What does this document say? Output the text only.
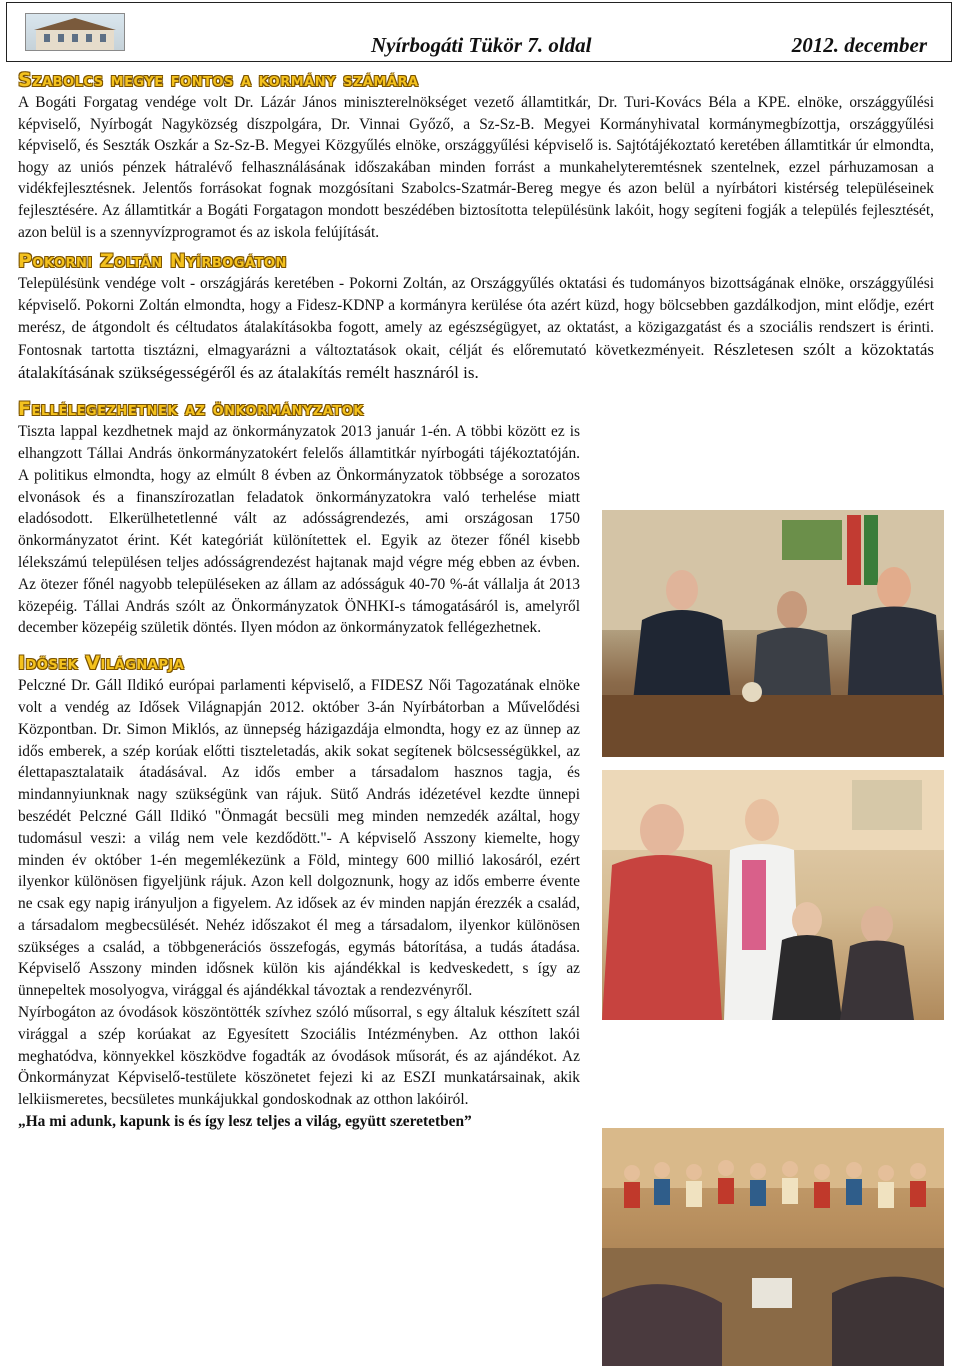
Nyírbogáti Tükör 7. oldal	2012. december
Szabolcs megye fontos a kormány számára

A Bogáti Forgatag vendége volt Dr. Lázár János miniszterelnökséget vezető államtitkár, Dr. Turi-Kovács Béla a KPE. elnöke, országgyűlési képviselő, Nyírbogát Nagyközség díszpolgára, Dr. Vinnai Győző, a Sz-Sz-B. Megyei Kormányhivatal kormánymegbízottja, országgyűlési képviselő, és Seszták Oszkár a Sz-Sz-B. Megyei Közgyűlés elnöke, országgyűlési képviselő is. Sajtótájékoztató keretében államtitkár úr elmondta, hogy az uniós pénzek hátralévő felhasználásának időszakában minden forrást a munkahelyteremtésnek szentelnek, ezzel párhuzamosan a vidékfejlesztésnek. Jelentős forrásokat fognak mozgósítani Szabolcs-Szatmár-Bereg megye és azon belül a nyírbátori kistérség településeinek fejlesztésére. Az államtitkár a Bogáti Forgatagon mondott beszédében biztosította településünk lakóit, hogy segíteni fogják a település fejlesztését, azon belül is a szennyvízprogramot és az iskola felújítását.

Pokorni Zoltán Nyírbogáton

Településünk vendége volt - országjárás keretében - Pokorni Zoltán, az Országgyűlés oktatási és tudományos bizottságának elnöke, országgyűlési képviselő. Pokorni Zoltán elmondta, hogy a Fidesz-KDNP a kormányra kerülése óta azért küzd, hogy bölcsebben gazdálkodjon, mint elődje, ezért merész, de átgondolt és céltudatos átalakításokba fogott, amely az egészségügyet, az oktatást, a közigazgatást és a szociális rendszert is érinti. Fontosnak tartotta tisztázni, elmagyarázni a változtatások okait, célját és előremutató következményeit. Részletesen szólt a közoktatás átalakításának szükségességéről és az átalakítás remélt hasznáról is.

Fellélegezhetnek az önkormányzatok

Tiszta lappal kezdhetnek majd az önkormányzatok 2013 január 1-én. A többi között ez is elhangzott Tállai András önkormányzatokért felelős államtitkár nyírbogáti tájékoztatóján. A politikus elmondta, hogy az elmúlt 8 évben az Önkormányzatok többsége a sorozatos elvonások és a finanszírozatlan feladatok önkormányzatokra való terhelése miatt eladósodott. Elkerülhetetlenné vált az adósságrendezés, ami országosan 1750 önkormányzatot érint. Két kategóriát különítettek el. Egyik az ötezer főnél kisebb lélekszámú településen teljes adósságrendezést hajtanak majd végre még ebben az évben. Az ötezer főnél nagyobb településeken az állam az adósságuk 40-70 %-át vállalja át 2013 közepéig. Tállai András szólt az Önkormányzatok ÖNHKI-s támogatásáról is, amelyről december közepéig születik döntés. Ilyen módon az önkormányzatok fellégezhetnek.

Idősek Világnapja

Pelczné Dr. Gáll Ildikó európai parlamenti képviselő, a FIDESZ Női Tagozatának elnöke volt a vendég az Idősek Világnapján 2012. október 3-án Nyírbátorban a Művelődési Központban. Dr. Simon Miklós, az ünnepség házigazdája elmondta, hogy ez az ünnep az idős emberek, a szép korúak előtti tiszteletadás, akik sokat segítenek bölcsességükkel, az élettapasztalataik átadásával. Az idős ember a társadalom hasznos tagja, és mindannyiunknak nagy szükségünk van rájuk. Sütő András idézetével kezdte ünnepi beszédét Pelczné Gáll Ildikó "Önmagát becsüli meg minden nemzedék azáltal, hogy tudomásul veszi: a világ nem vele kezdődött."- A képviselő Asszony kiemelte, hogy minden év október 1-én megemlékezünk a Föld, mintegy 600 millió lakosáról, ezért ilyenkor különösen figyeljünk rájuk. Azon kell dolgoznunk, hogy az idős emberre évente ne csak egy napig irányuljon a figyelem. Az idősek az év minden napján érezzék a család, a társadalom megbecsülését. Nehéz időszakot él meg a társadalom, ilyenkor különösen szükséges a család, a többgenerációs összefogás, egymás bátorítása, a tudás átadása. Képviselő Asszony minden idősnek külön kis ajándékkal is kedveskedett, s így az ünnepeltek mosolyogva, virággal és ajándékkal távoztak a rendezvényről.

Nyírbogáton az óvodások köszöntötték szívhez szóló műsorral, s egy általuk készített szál virággal a szép korúakat az Egyesített Szociális Intézményben. Az otthon lakói meghatódva, könnyekkel köszködve fogadták az óvodások műsorát, és az ajándékot. Az Önkormányzat Képviselő-testülete köszönetet fejezi ki az ESZI munkatársainak, akik lelkiismeretes, becsületes munkájukkal gondoskodnak az otthon lakóiról.

„Ha mi adunk, kapunk is és így lesz teljes a világ, együtt szeretetben”
